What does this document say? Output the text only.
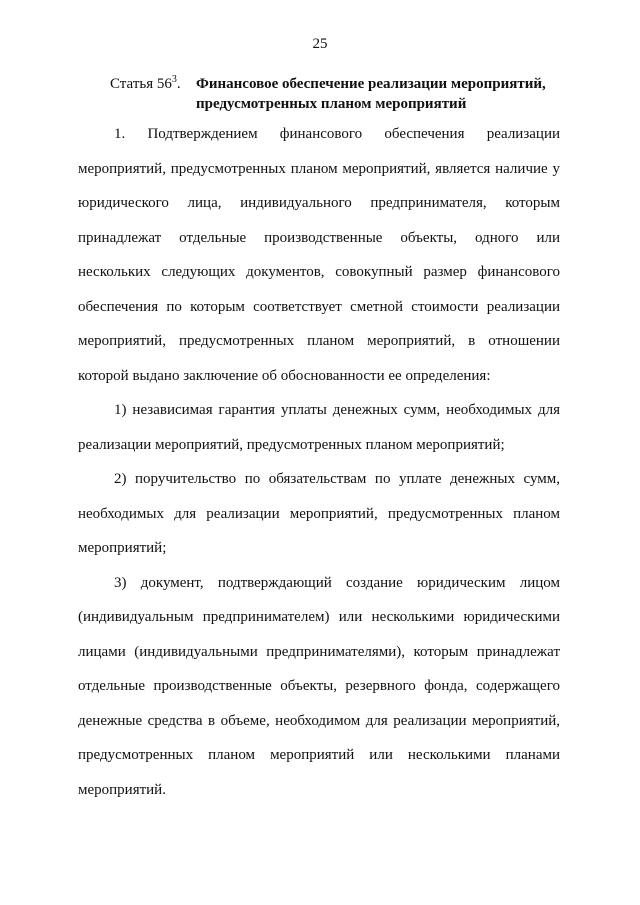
25
Статья $56^3$. Финансовое обеспечение реализации мероприятий,
предусмотренных планом мероприятий

1. Подтверждением финансового обеспечения реализации мероприятий, предусмотренных планом мероприятий, является наличие у юридического лица, индивидуального предпринимателя, которым принадлежат отдельные производственные объекты, одного или нескольких следующих документов, совокупный размер финансового обеспечения по которым соответствует сметной стоимости реализации мероприятий, предусмотренных планом мероприятий, в отношении которой выдано заключение об обоснованности ее определения:

1) независимая гарантия уплаты денежных сумм, необходимых для реализации мероприятий, предусмотренных планом мероприятий;

2) поручительство по обязательствам по уплате денежных сумм, необходимых для реализации мероприятий, предусмотренных планом мероприятий;

3) документ, подтверждающий создание юридическим лицом (индивидуальным предпринимателем) или несколькими юридическими лицами (индивидуальными предпринимателями), которым принадлежат отдельные производственные объекты, резервного фонда, содержащего денежные средства в объеме, необходимом для реализации мероприятий, предусмотренных планом мероприятий или несколькими планами мероприятий.
